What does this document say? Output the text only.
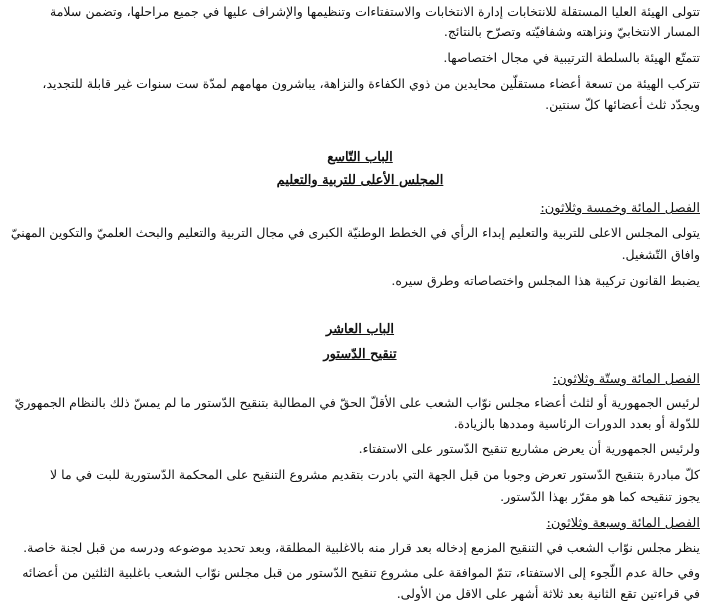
تتولى الهيئة العليا المستقلة للانتخابات إدارة الانتخابات والاستفتاءات وتنظيمها والإشراف عليها في جميع مراحلها، وتضمن سلامة
المسار الانتخابيّ ونزاهته وشفافيّته وتصرّح بالنتائج.
تتمتّع الهيئة بالسلطة الترتيبية في مجال اختصاصها.
تتركب الهيئة من تسعة أعضاء مستقلّين محايدين من ذوي الكفاءة والنزاهة، يباشرون مهامهم لمدّة ست سنوات غير قابلة للتجديد،
ويجدّد ثلث أعضائها كلّ سنتين.
الباب التّاسع
المجلس الأعلى للتربية والتعليم
الفصل المائة وخمسة وثلاثون:
يتولى المجلس الاعلى للتربية والتعليم إبداء الرأي في الخطط الوطنيّة الكبرى في مجال التربية والتعليم والبحث العلميّ والتكوين المهنيّ
وافاق التّشغيل.
يضبط القانون تركيبة هذا المجلس واختصاصاته وطرق سيره.
الباب العاشر
تنقيح الدّستور
الفصل المائة وستّة وثلاثون:
لرئيس الجمهورية أو لثلث أعضاء مجلس نوّاب الشعب على الأقلّ الحقّ في المطالبة بتنقيح الدّستور ما لم يمسّ ذلك بالنظام الجمهوريّ
للدّولة أو بعدد الدورات الرئاسية ومددها بالزيادة.
ولرئيس الجمهورية أن يعرض مشاريع تنقيح الدّستور على الاستفتاء.
كلّ مبادرة بتنقيح الدّستور تعرض وجوبا من قبل الجهة التي بادرت بتقديم مشروع التنقيح على المحكمة الدّستورية للبت في ما لا
يجوز تنقيحه كما هو مقرّر بهذا الدّستور.
الفصل المائة وسبعة وثلاثون:
ينظر مجلس نوّاب الشعب في التنقيح المزمع إدخاله بعد قرار منه بالاغلبية المطلقة، وبعد تحديد موضوعه ودرسه من قبل لجنة خاصة.
وفي حالة عدم اللّجوء إلى الاستفتاء، تتمّ الموافقة على مشروع تنقيح الدّستور من قبل مجلس نوّاب الشعب باغلبية الثلثين من أعضائه
في قراءتين تقع الثانية بعد ثلاثة أشهر على الاقل من الأولى.
